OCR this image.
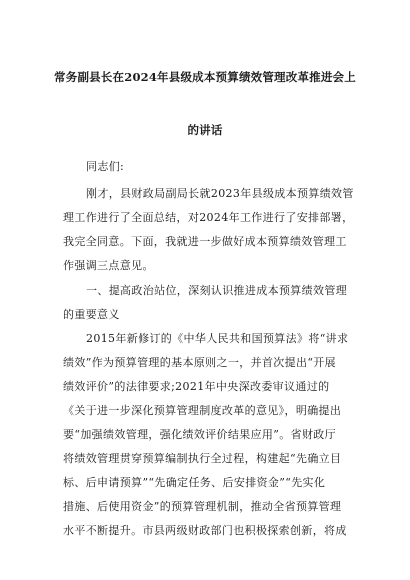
常务副县长在2024年县级成本预算绩效管理改革推进会上
的讲话
同志们:
刚才，县财政局副局长就2023年县级成本预算绩效管
理工作进行了全面总结，对2024年工作进行了安排部署，
我完全同意。下面，我就进一步做好成本预算绩效管理工
作强调三点意见。
一、提高政治站位，深刻认识推进成本预算绩效管理
的重要意义
2015年新修订的《中华人民共和国预算法》将“讲求
绩效”作为预算管理的基本原则之一，并首次提出“开展
绩效评价”的法律要求;2021年中央深改委审议通过的
《关于进一步深化预算管理制度改革的意见》，明确提出
要“加强绩效管理，强化绩效评价结果应用”。省财政厅
将绩效管理贯穿预算编制执行全过程，构建起“先确立目
标、后申请预算”“先确定任务、后安排资金”“先实化
措施、后使用资金”的预算管理机制，推动全省预算管理
水平不断提升。市县两级财政部门也积极探索创新，将成
